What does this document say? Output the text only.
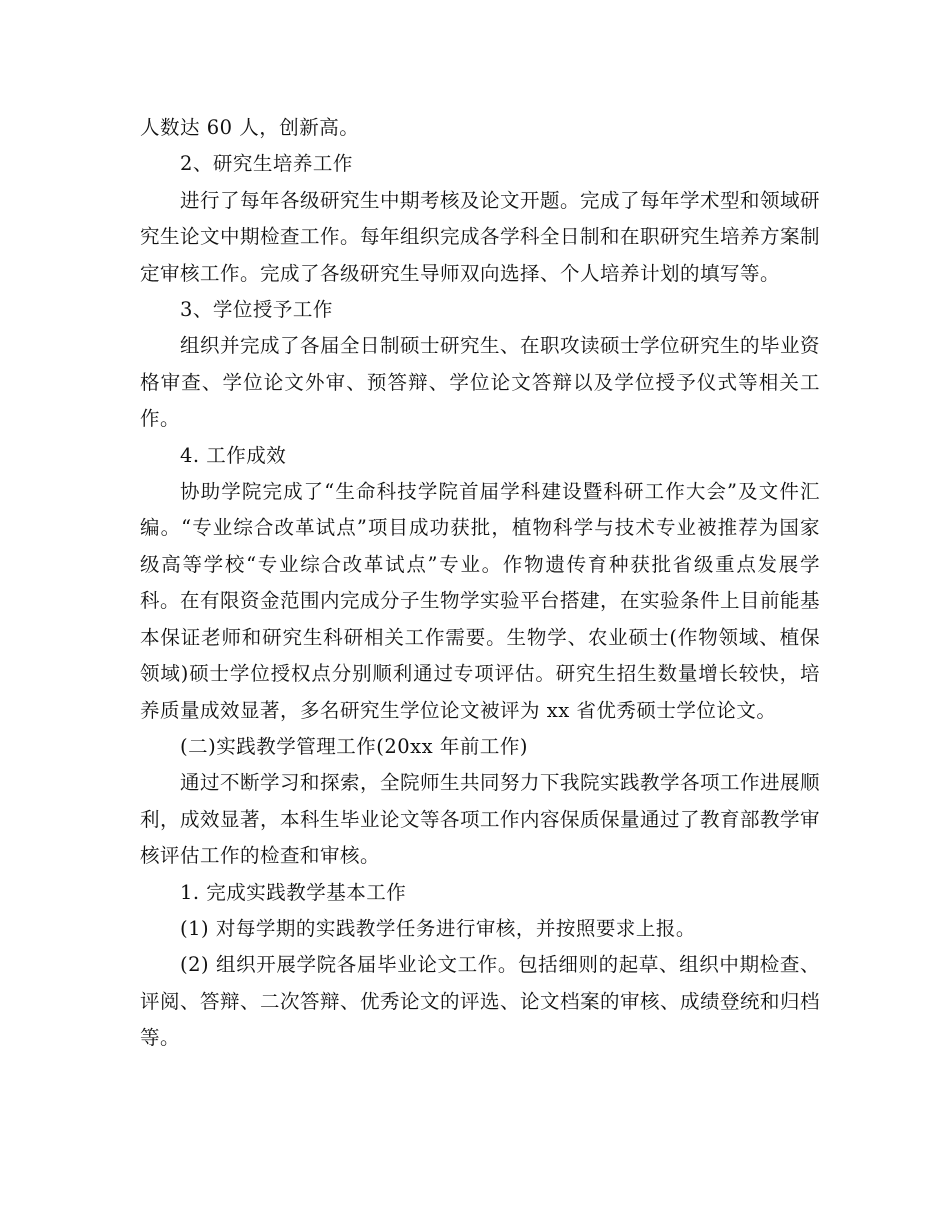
人数达 60 人，创新高。

2、研究生培养工作

进行了每年各级研究生中期考核及论文开题。完成了每年学术型和领域研究生论文中期检查工作。每年组织完成各学科全日制和在职研究生培养方案制定审核工作。完成了各级研究生导师双向选择、个人培养计划的填写等。

3、学位授予工作

组织并完成了各届全日制硕士研究生、在职攻读硕士学位研究生的毕业资格审查、学位论文外审、预答辩、学位论文答辩以及学位授予仪式等相关工作。

4. 工作成效

协助学院完成了“生命科技学院首届学科建设暨科研工作大会”及文件汇编。“专业综合改革试点”项目成功获批，植物科学与技术专业被推荐为国家级高等学校“专业综合改革试点”专业。作物遗传育种获批省级重点发展学科。在有限资金范围内完成分子生物学实验平台搭建，在实验条件上目前能基本保证老师和研究生科研相关工作需要。生物学、农业硕士(作物领域、植保领域)硕士学位授权点分别顺利通过专项评估。研究生招生数量增长较快，培养质量成效显著，多名研究生学位论文被评为 xx 省优秀硕士学位论文。

(二)实践教学管理工作(20xx 年前工作)

通过不断学习和探索，全院师生共同努力下我院实践教学各项工作进展顺利，成效显著，本科生毕业论文等各项工作内容保质保量通过了教育部教学审核评估工作的检查和审核。

1. 完成实践教学基本工作

(1) 对每学期的实践教学任务进行审核，并按照要求上报。

(2) 组织开展学院各届毕业论文工作。包括细则的起草、组织中期检查、评阅、答辩、二次答辩、优秀论文的评选、论文档案的审核、成绩登统和归档等。
